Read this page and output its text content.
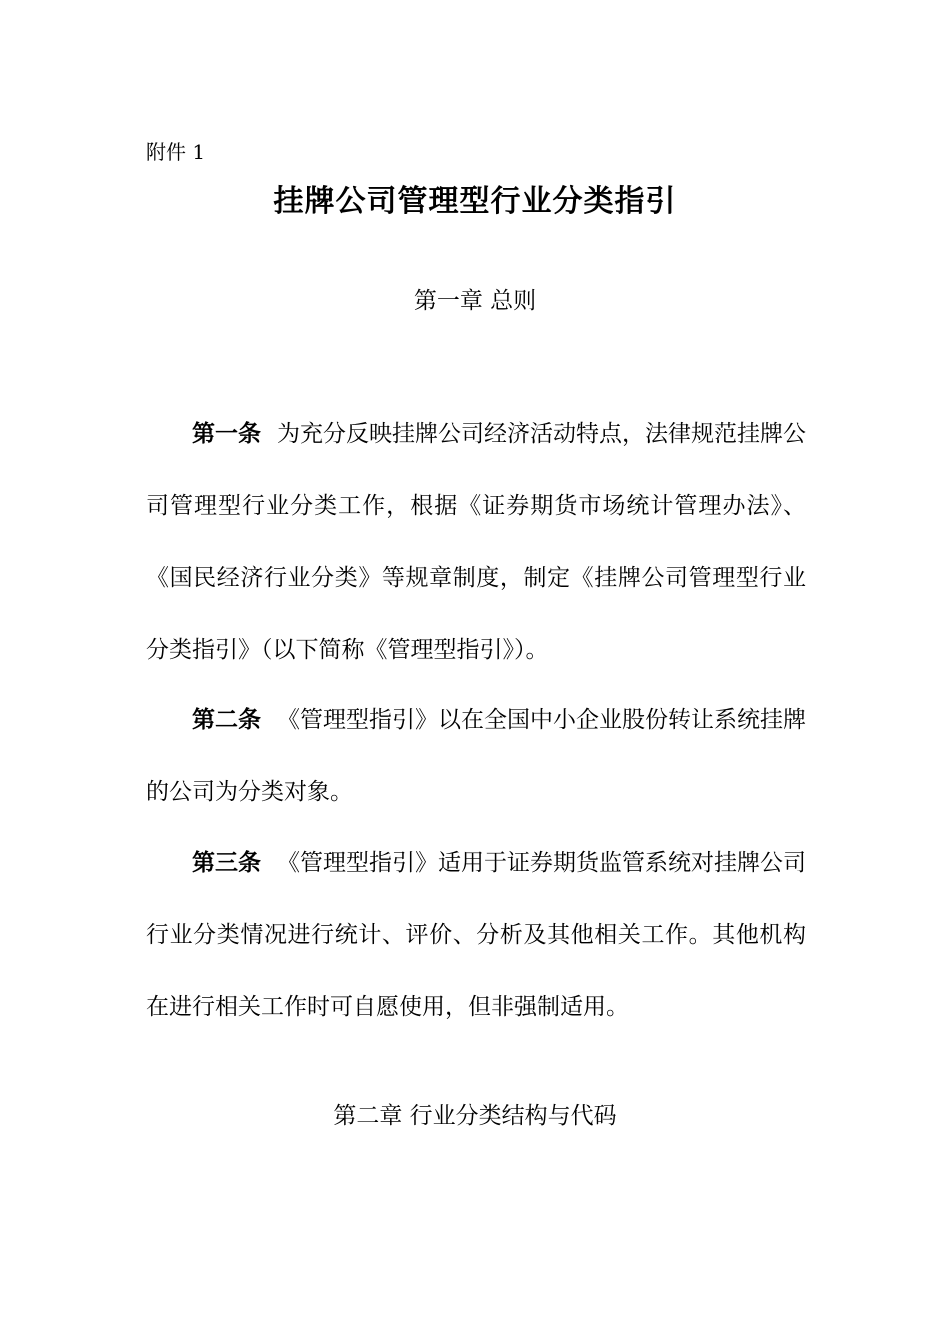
附件 1
挂牌公司管理型行业分类指引
第一章 总则

第一条 为充分反映挂牌公司经济活动特点，法律规范挂牌公司管理型行业分类工作，根据《证券期货市场统计管理办法》、《国民经济行业分类》等规章制度，制定《挂牌公司管理型行业分类指引》（以下简称《管理型指引》）。

第二条 《管理型指引》以在全国中小企业股份转让系统挂牌的公司为分类对象。

第三条 《管理型指引》适用于证券期货监管系统对挂牌公司行业分类情况进行统计、评价、分析及其他相关工作。其他机构在进行相关工作时可自愿使用，但非强制适用。

第二章 行业分类结构与代码
